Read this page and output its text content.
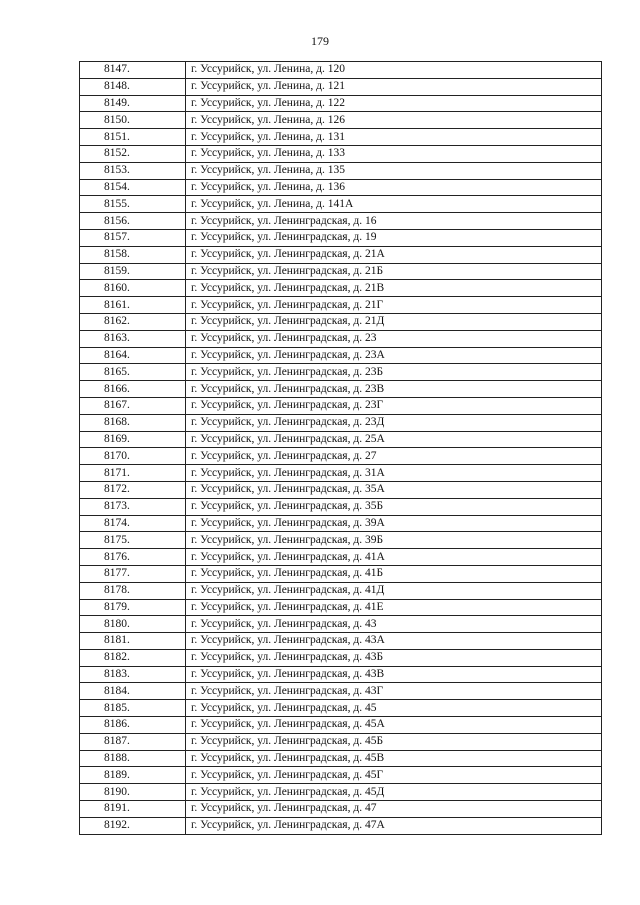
179
8147.	г. Уссурийск, ул. Ленина, д. 120
8148.	г. Уссурийск, ул. Ленина, д. 121
8149.	г. Уссурийск, ул. Ленина, д. 122
8150.	г. Уссурийск, ул. Ленина, д. 126
8151.	г. Уссурийск, ул. Ленина, д. 131
8152.	г. Уссурийск, ул. Ленина, д. 133
8153.	г. Уссурийск, ул. Ленина, д. 135
8154.	г. Уссурийск, ул. Ленина, д. 136
8155.	г. Уссурийск, ул. Ленина, д. 141А
8156.	г. Уссурийск, ул. Ленинградская, д. 16
8157.	г. Уссурийск, ул. Ленинградская, д. 19
8158.	г. Уссурийск, ул. Ленинградская, д. 21А
8159.	г. Уссурийск, ул. Ленинградская, д. 21Б
8160.	г. Уссурийск, ул. Ленинградская, д. 21В
8161.	г. Уссурийск, ул. Ленинградская, д. 21Г
8162.	г. Уссурийск, ул. Ленинградская, д. 21Д
8163.	г. Уссурийск, ул. Ленинградская, д. 23
8164.	г. Уссурийск, ул. Ленинградская, д. 23А
8165.	г. Уссурийск, ул. Ленинградская, д. 23Б
8166.	г. Уссурийск, ул. Ленинградская, д. 23В
8167.	г. Уссурийск, ул. Ленинградская, д. 23Г
8168.	г. Уссурийск, ул. Ленинградская, д. 23Д
8169.	г. Уссурийск, ул. Ленинградская, д. 25А
8170.	г. Уссурийск, ул. Ленинградская, д. 27
8171.	г. Уссурийск, ул. Ленинградская, д. 31А
8172.	г. Уссурийск, ул. Ленинградская, д. 35А
8173.	г. Уссурийск, ул. Ленинградская, д. 35Б
8174.	г. Уссурийск, ул. Ленинградская, д. 39А
8175.	г. Уссурийск, ул. Ленинградская, д. 39Б
8176.	г. Уссурийск, ул. Ленинградская, д. 41А
8177.	г. Уссурийск, ул. Ленинградская, д. 41Б
8178.	г. Уссурийск, ул. Ленинградская, д. 41Д
8179.	г. Уссурийск, ул. Ленинградская, д. 41Е
8180.	г. Уссурийск, ул. Ленинградская, д. 43
8181.	г. Уссурийск, ул. Ленинградская, д. 43А
8182.	г. Уссурийск, ул. Ленинградская, д. 43Б
8183.	г. Уссурийск, ул. Ленинградская, д. 43В
8184.	г. Уссурийск, ул. Ленинградская, д. 43Г
8185.	г. Уссурийск, ул. Ленинградская, д. 45
8186.	г. Уссурийск, ул. Ленинградская, д. 45А
8187.	г. Уссурийск, ул. Ленинградская, д. 45Б
8188.	г. Уссурийск, ул. Ленинградская, д. 45В
8189.	г. Уссурийск, ул. Ленинградская, д. 45Г
8190.	г. Уссурийск, ул. Ленинградская, д. 45Д
8191.	г. Уссурийск, ул. Ленинградская, д. 47
8192.	г. Уссурийск, ул. Ленинградская, д. 47А
